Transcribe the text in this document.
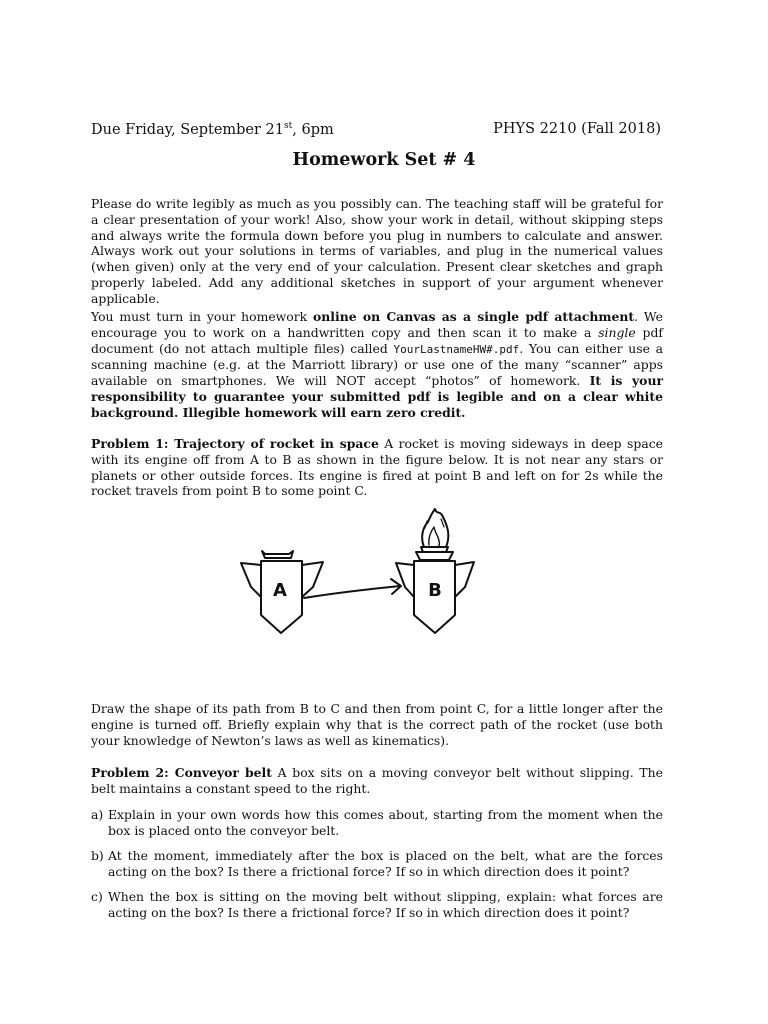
Due Friday, September 21st, 6pm	PHYS 2210 (Fall 2018)
Homework Set # 4
Please do write legibly as much as you possibly can. The teaching staff will be grateful for a clear presentation of your work! Also, show your work in detail, without skipping steps and always write the formula down before you plug in numbers to calculate and answer. Always work out your solutions in terms of variables, and plug in the numerical values (when given) only at the very end of your calculation. Present clear sketches and graph properly labeled. Add any additional sketches in support of your argument whenever applicable.
You must turn in your homework online on Canvas as a single pdf attachment. We encourage you to work on a handwritten copy and then scan it to make a single pdf document (do not attach multiple files) called YourLastnameHW#.pdf. You can either use a scanning machine (e.g. at the Marriott library) or use one of the many “scanner” apps available on smartphones. We will NOT accept “photos” of homework. It is your responsibility to guarantee your submitted pdf is legible and on a clear white background. Illegible homework will earn zero credit.
Problem 1: Trajectory of rocket in space A rocket is moving sideways in deep space with its engine off from A to B as shown in the figure below. It is not near any stars or planets or other outside forces. Its engine is fired at point B and left on for 2s while the rocket travels from point B to some point C.
A	B
Draw the shape of its path from B to C and then from point C, for a little longer after the engine is turned off. Briefly explain why that is the correct path of the rocket (use both your knowledge of Newton’s laws as well as kinematics).
Problem 2: Conveyor belt A box sits on a moving conveyor belt without slipping. The belt maintains a constant speed to the right.
a) Explain in your own words how this comes about, starting from the moment when the box is placed onto the conveyor belt.
b) At the moment, immediately after the box is placed on the belt, what are the forces acting on the box? Is there a frictional force? If so in which direction does it point?
c) When the box is sitting on the moving belt without slipping, explain: what forces are acting on the box? Is there a frictional force? If so in which direction does it point?
